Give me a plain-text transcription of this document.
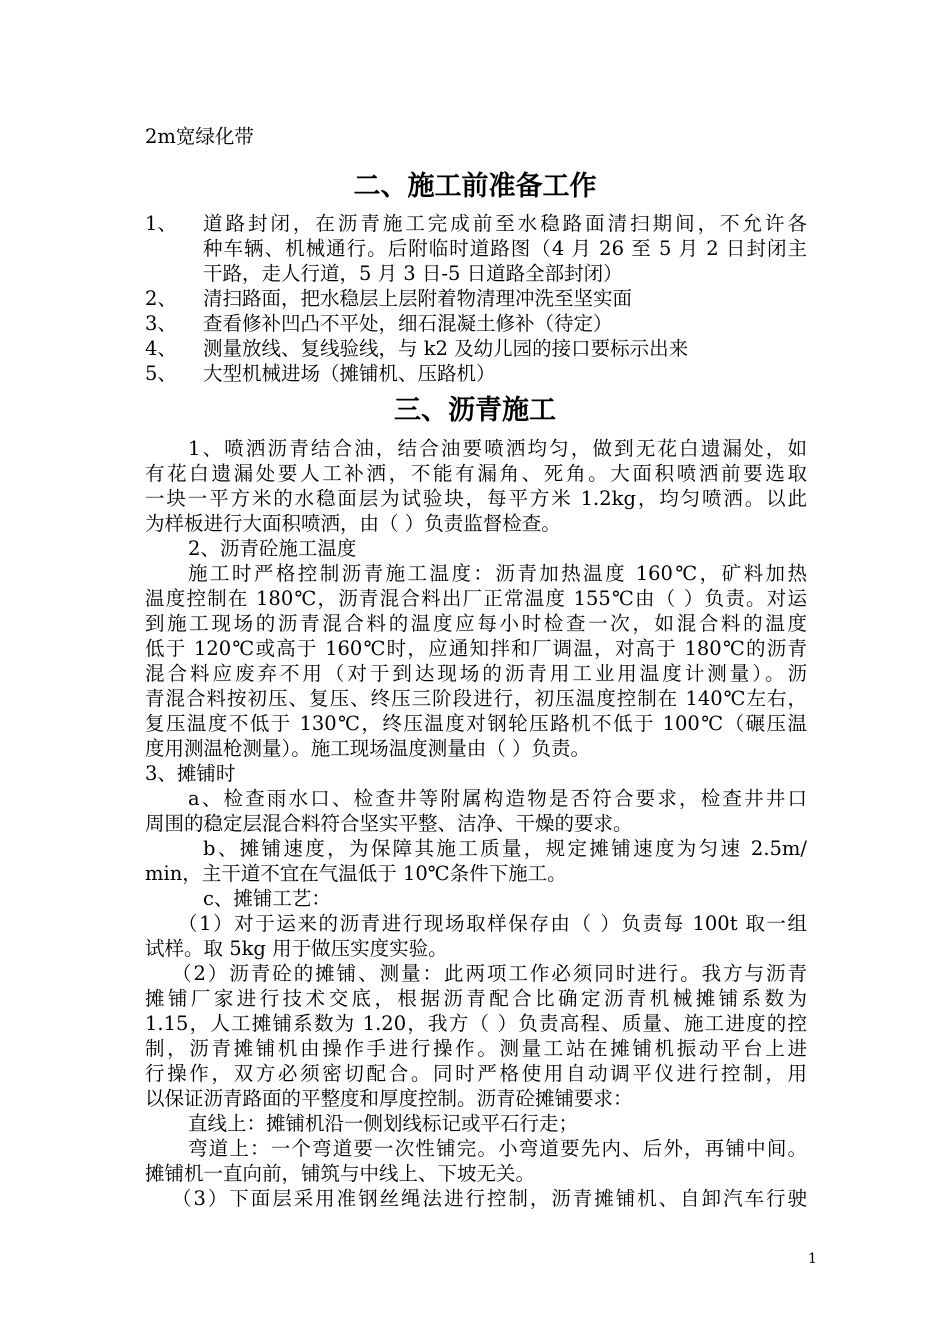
2m宽绿化带
二、施工前准备工作
1、 道路封闭，在沥青施工完成前至水稳路面清扫期间，不允许各
种车辆、机械通行。后附临时道路图（4 月 26 至 5 月 2 日封闭主
干路，走人行道，5 月 3 日-5 日道路全部封闭）
2、 清扫路面，把水稳层上层附着物清理冲洗至坚实面
3、 查看修补凹凸不平处，细石混凝土修补（待定）
4、 测量放线、复线验线，与 k2 及幼儿园的接口要标示出来
5、 大型机械进场（摊铺机、压路机）
三、沥青施工
1、喷洒沥青结合油，结合油要喷洒均匀，做到无花白遗漏处，如
有花白遗漏处要人工补洒，不能有漏角、死角。大面积喷洒前要选取
一块一平方米的水稳面层为试验块，每平方米 1.2kg，均匀喷洒。以此
为样板进行大面积喷洒，由（ ）负责监督检查。
2、沥青砼施工温度
施工时严格控制沥青施工温度：沥青加热温度 160℃，矿料加热
温度控制在 180℃，沥青混合料出厂正常温度 155℃由（ ）负责。对运
到施工现场的沥青混合料的温度应每小时检查一次，如混合料的温度
低于 120℃或高于 160℃时，应通知拌和厂调温，对高于 180℃的沥青
混合料应废弃不用（对于到达现场的沥青用工业用温度计测量）。沥
青混合料按初压、复压、终压三阶段进行，初压温度控制在 140℃左右，
复压温度不低于 130℃，终压温度对钢轮压路机不低于 100℃（碾压温
度用测温枪测量）。施工现场温度测量由（ ）负责。
3、摊铺时
a、检查雨水口、检查井等附属构造物是否符合要求，检查井井口
周围的稳定层混合料符合坚实平整、洁净、干燥的要求。
b、摊铺速度，为保障其施工质量，规定摊铺速度为匀速 2.5m/
min，主干道不宜在气温低于 10℃条件下施工。
c、摊铺工艺：
（1）对于运来的沥青进行现场取样保存由（ ）负责每 100t 取一组
试样。取 5kg 用于做压实度实验。
（2）沥青砼的摊铺、测量：此两项工作必须同时进行。我方与沥青
摊铺厂家进行技术交底，根据沥青配合比确定沥青机械摊铺系数为
1.15，人工摊铺系数为 1.20，我方（ ）负责高程、质量、施工进度的控
制，沥青摊铺机由操作手进行操作。测量工站在摊铺机振动平台上进
行操作，双方必须密切配合。同时严格使用自动调平仪进行控制，用
以保证沥青路面的平整度和厚度控制。沥青砼摊铺要求：
直线上：摊铺机沿一侧划线标记或平石行走；
弯道上：一个弯道要一次性铺完。小弯道要先内、后外，再铺中间。
摊铺机一直向前，铺筑与中线上、下坡无关。
（3）下面层采用准钢丝绳法进行控制，沥青摊铺机、自卸汽车行驶
1
